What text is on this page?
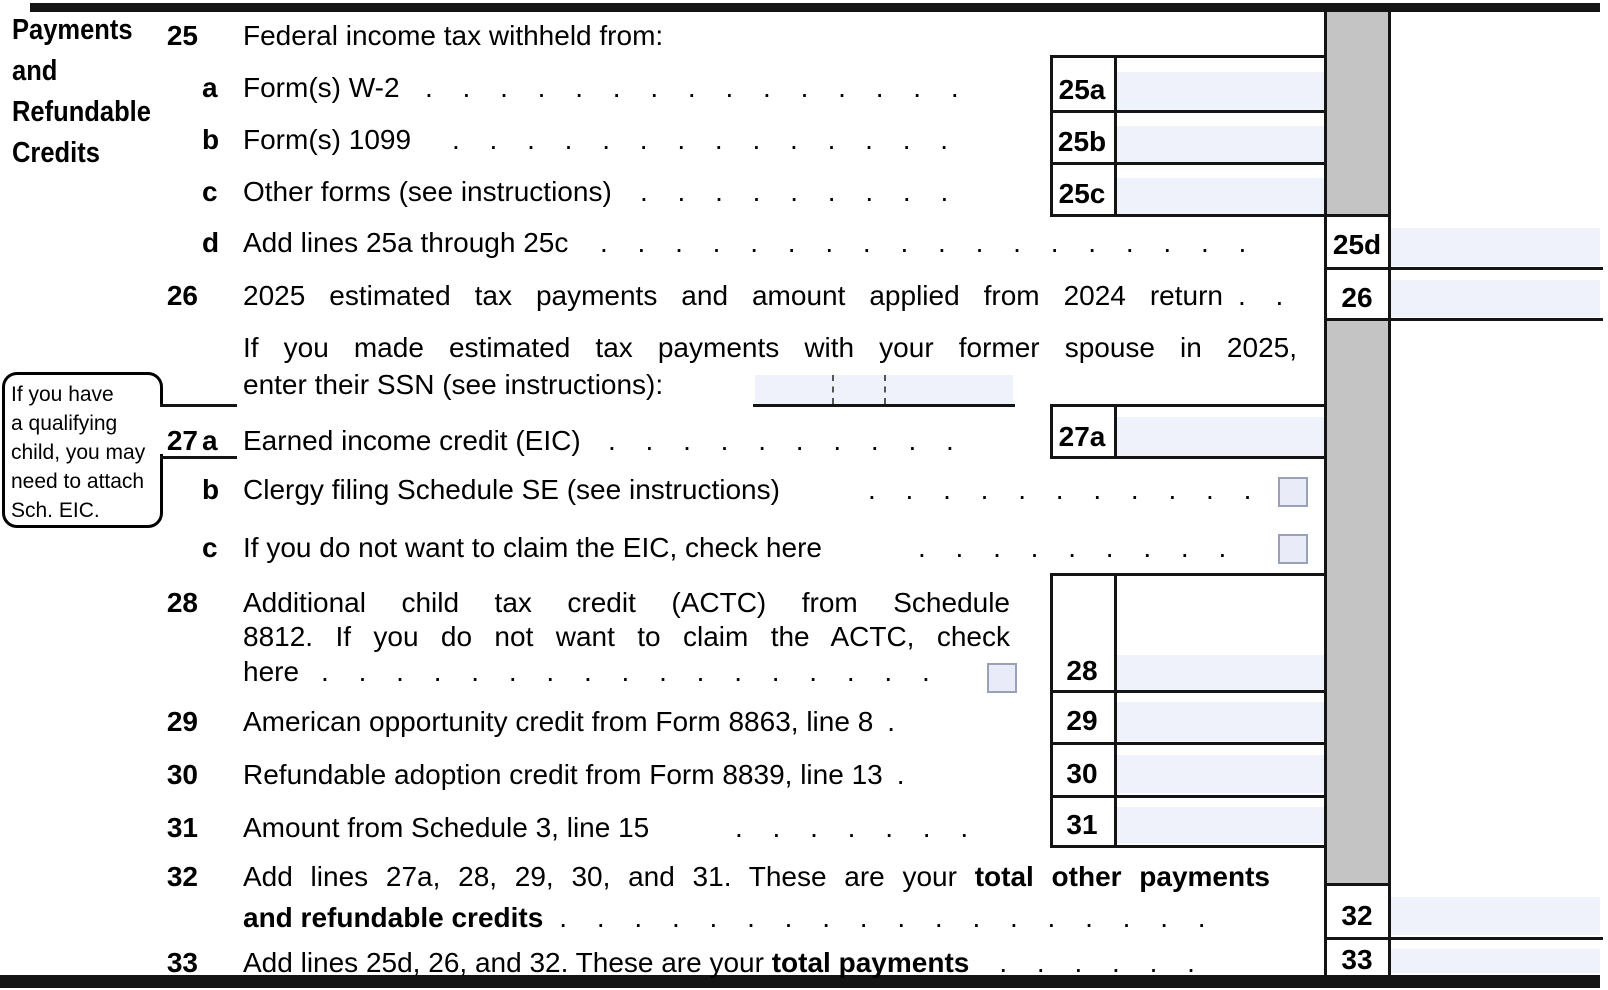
Payments
and
Refundable
Credits
If you have
a qualifying
child, you may
need to attach
Sch. EIC.
25 Federal income tax withheld from:
a Form(s) W-2 . . . . . . . . . . . . . . .	25a
b Form(s) 1099 . . . . . . . . . . . . . .	25b
c Other forms (see instructions) . . . . . . . . .	25c
d Add lines 25a through 25c . . . . . . . . . . . . . . . . . .	25d
26 2025 estimated tax payments and amount applied from 2024 return . .	26
If you made estimated tax payments with your former spouse in 2025,
enter their SSN (see instructions):
27 a Earned income credit (EIC) . . . . . . . . . .	27a
b Clergy filing Schedule SE (see instructions)	. . . . . . . . . . .
c If you do not want to claim the EIC, check here	. . . . . . . . .
28 Additional child tax credit (ACTC) from Schedule
8812. If you do not want to claim the ACTC, check
here . . . . . . . . . . . . . . . . .	28
29 American opportunity credit from Form 8863, line 8 .	29
30 Refundable adoption credit from Form 8839, line 13 .	30
31 Amount from Schedule 3, line 15	. . . . . . .	31
32 Add lines 27a, 28, 29, 30, and 31. These are your total other payments
and refundable credits . . . . . . . . . . . . . . . . . .	32
33 Add lines 25d, 26, and 32. These are your total payments . . . . . .	33
